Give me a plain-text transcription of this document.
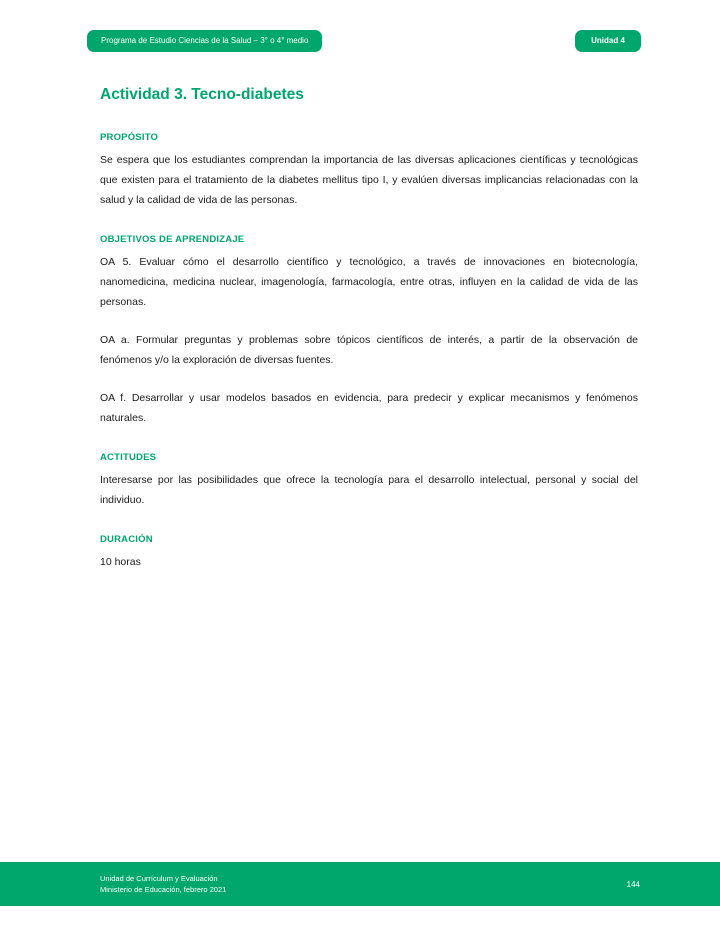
Programa de Estudio Ciencias de la Salud – 3° o 4° medio	Unidad 4
Actividad 3. Tecno-diabetes
PROPÓSITO

Se espera que los estudiantes comprendan la importancia de las diversas aplicaciones científicas y tecnológicas que existen para el tratamiento de la diabetes mellitus tipo I, y evalúen diversas implicancias relacionadas con la salud y la calidad de vida de las personas.

OBJETIVOS DE APRENDIZAJE

OA 5. Evaluar cómo el desarrollo científico y tecnológico, a través de innovaciones en biotecnología, nanomedicina, medicina nuclear, imagenología, farmacología, entre otras, influyen en la calidad de vida de las personas.

OA a. Formular preguntas y problemas sobre tópicos científicos de interés, a partir de la observación de fenómenos y/o la exploración de diversas fuentes.

OA f. Desarrollar y usar modelos basados en evidencia, para predecir y explicar mecanismos y fenómenos naturales.

ACTITUDES

Interesarse por las posibilidades que ofrece la tecnología para el desarrollo intelectual, personal y social del individuo.

DURACIÓN

10 horas

Unidad de Currículum y Evaluación
Ministerio de Educación, febrero 2021
144
